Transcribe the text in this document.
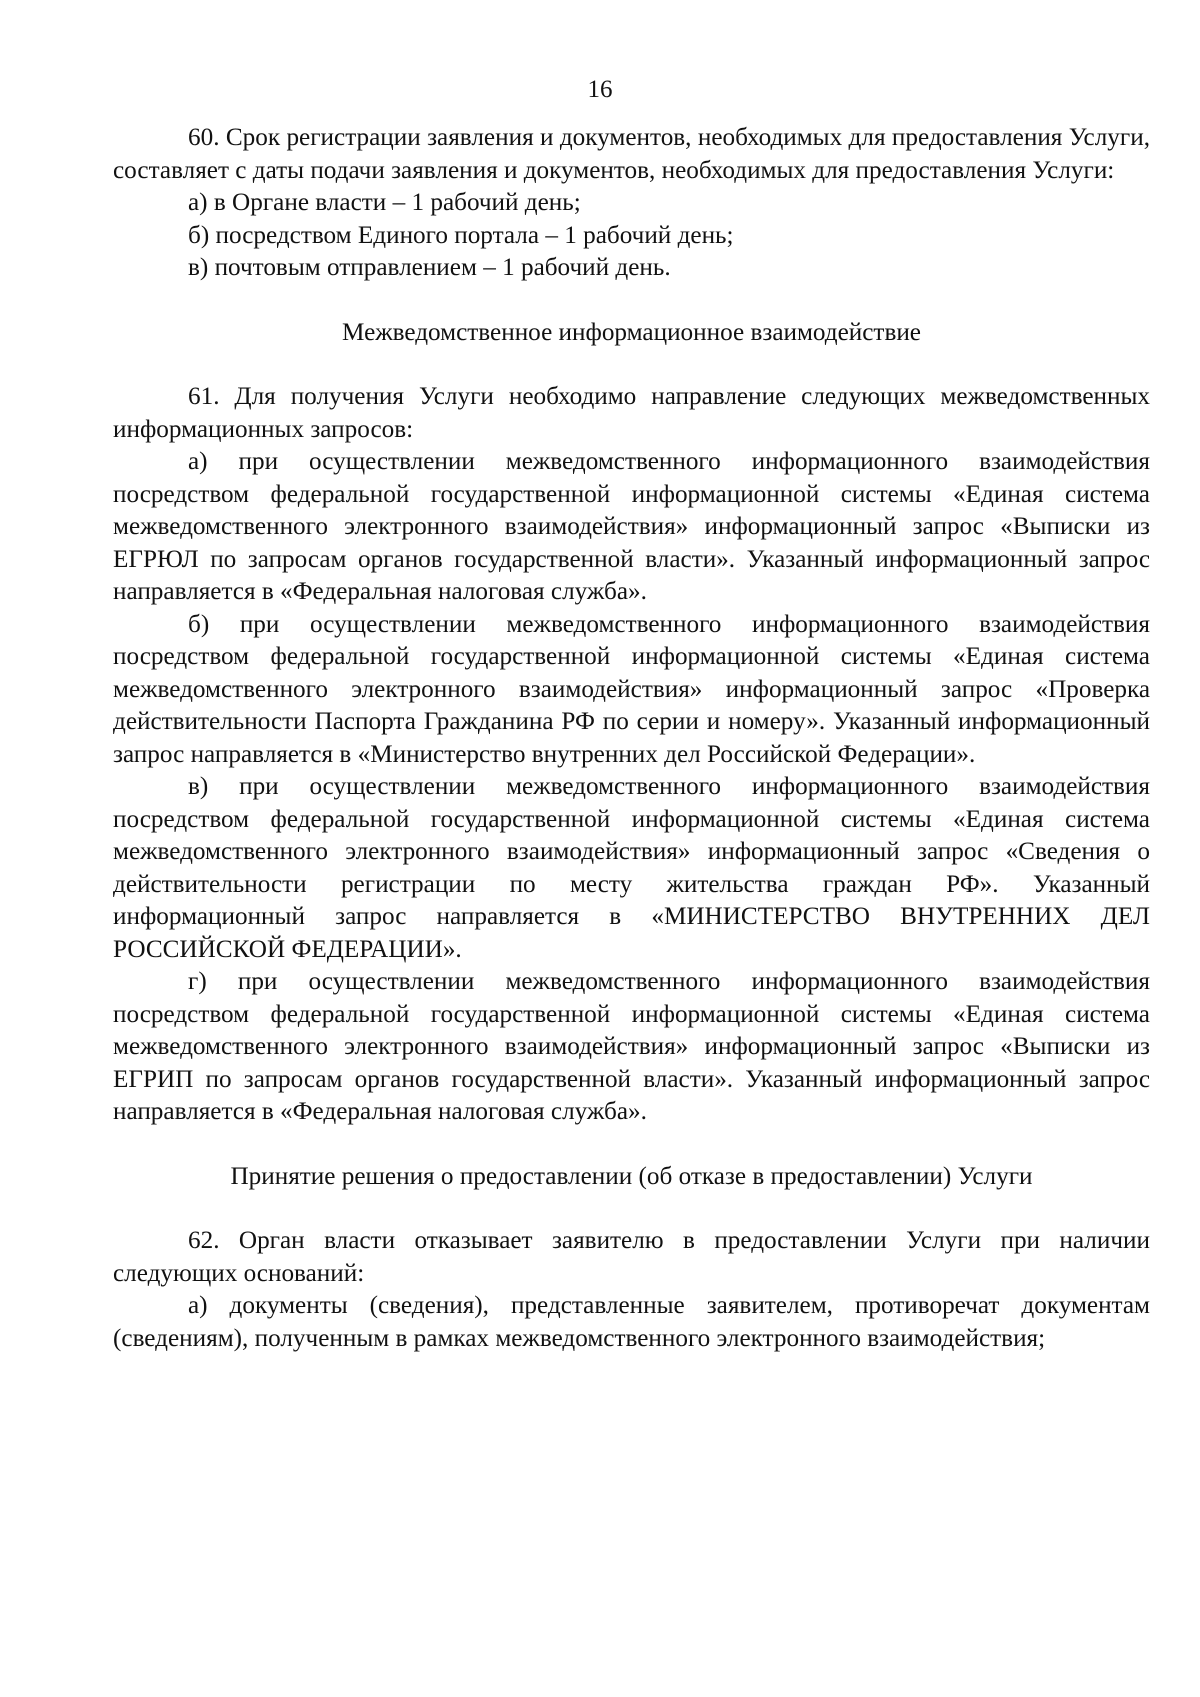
16

60. Срок регистрации заявления и документов, необходимых для предоставления Услуги, составляет с даты подачи заявления и документов, необходимых для предоставления Услуги:

а) в Органе власти – 1 рабочий день;

б) посредством Единого портала – 1 рабочий день;

в) почтовым отправлением – 1 рабочий день.

Межведомственное информационное взаимодействие

61. Для получения Услуги необходимо направление следующих межведомственных информационных запросов:

а) при осуществлении межведомственного информационного взаимодействия посредством федеральной государственной информационной системы «Единая система межведомственного электронного взаимодействия» информационный запрос «Выписки из ЕГРЮЛ по запросам органов государственной власти». Указанный информационный запрос направляется в «Федеральная налоговая служба».

б) при осуществлении межведомственного информационного взаимодействия посредством федеральной государственной информационной системы «Единая система межведомственного электронного взаимодействия» информационный запрос «Проверка действительности Паспорта Гражданина РФ по серии и номеру». Указанный информационный запрос направляется в «Министерство внутренних дел Российской Федерации».

в) при осуществлении межведомственного информационного взаимодействия посредством федеральной государственной информационной системы «Единая система межведомственного электронного взаимодействия» информационный запрос «Сведения о действительности регистрации по месту жительства граждан РФ». Указанный информационный запрос направляется в «МИНИСТЕРСТВО ВНУТРЕННИХ ДЕЛ РОССИЙСКОЙ ФЕДЕРАЦИИ».

г) при осуществлении межведомственного информационного взаимодействия посредством федеральной государственной информационной системы «Единая система межведомственного электронного взаимодействия» информационный запрос «Выписки из ЕГРИП по запросам органов государственной власти». Указанный информационный запрос направляется в «Федеральная налоговая служба».

Принятие решения о предоставлении (об отказе в предоставлении) Услуги

62. Орган власти отказывает заявителю в предоставлении Услуги при наличии следующих оснований:

а) документы (сведения), представленные заявителем, противоречат документам (сведениям), полученным в рамках межведомственного электронного взаимодействия;
